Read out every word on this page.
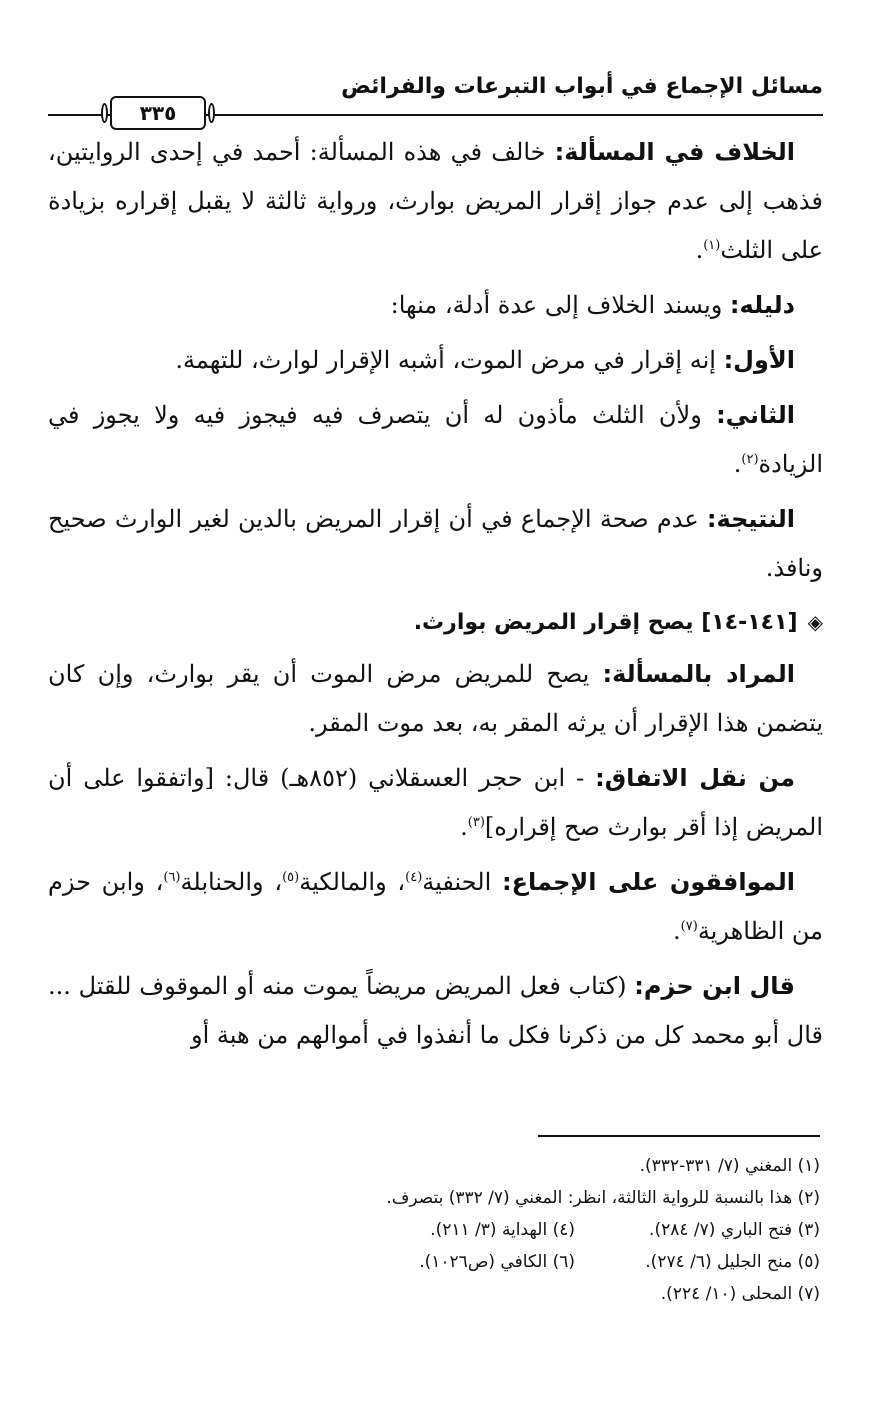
مسائل الإجماع في أبواب التبرعات والفرائض
٣٣٥

الخلاف في المسألة: خالف في هذه المسألة: أحمد في إحدى الروايتين، فذهب إلى عدم جواز إقرار المريض بوارث، ورواية ثالثة لا يقبل إقراره بزيادة على الثلث$^{(١)}$.

دليله: ويسند الخلاف إلى عدة أدلة، منها:

الأول: إنه إقرار في مرض الموت، أشبه الإقرار لوارث، للتهمة.

الثاني: ولأن الثلث مأذون له أن يتصرف فيه فيجوز فيه ولا يجوز في الزيادة$^{(٢)}$.

النتيجة: عدم صحة الإجماع في أن إقرار المريض بالدين لغير الوارث صحيح ونافذ.

◈[١٤١-١٤] يصح إقرار المريض بوارث.

المراد بالمسألة: يصح للمريض مرض الموت أن يقر بوارث، وإن كان يتضمن هذا الإقرار أن يرثه المقر به، بعد موت المقر.

من نقل الاتفاق: - ابن حجر العسقلاني (٨٥٢هـ) قال: [واتفقوا على أن المريض إذا أقر بوارث صح إقراره]$^{(٣)}$.

الموافقون على الإجماع: الحنفية$^{(٤)}$، والمالكية$^{(٥)}$، والحنابلة$^{(٦)}$، وابن حزم من الظاهرية$^{(٧)}$.

قال ابن حزم: (كتاب فعل المريض مريضاً يموت منه أو الموقوف للقتل ... قال أبو محمد كل من ذكرنا فكل ما أنفذوا في أموالهم من هبة أو

(١) المغني (٧/ ٣٣١-٣٣٢).
(٢) هذا بالنسبة للرواية الثالثة، انظر: المغني (٧/ ٣٣٢) بتصرف.
(٣) فتح الباري (٧/ ٢٨٤).
(٤) الهداية (٣/ ٢١١).
(٥) منح الجليل (٦/ ٢٧٤).
(٦) الكافي (ص١٠٢٦).
(٧) المحلى (١٠/ ٢٢٤).
